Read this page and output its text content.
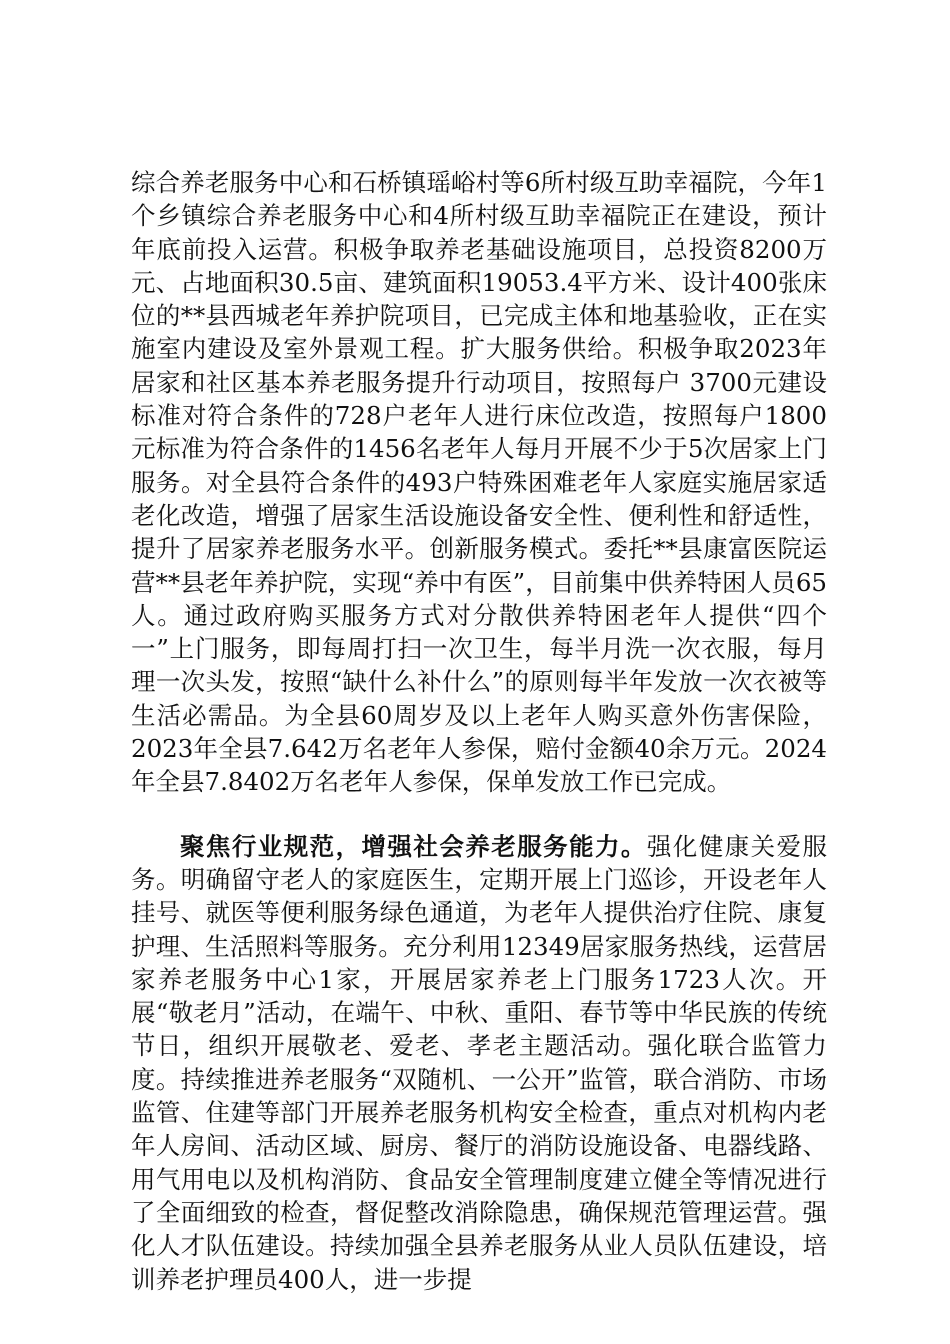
综合养老服务中心和石桥镇瑶峪村等6所村级互助幸福院，今年1个乡镇综合养老服务中心和4所村级互助幸福院正在建设，预计年底前投入运营。积极争取养老基础设施项目，总投资8200万元、占地面积30.5亩、建筑面积19053.4平方米、设计400张床位的**县西城老年养护院项目，已完成主体和地基验收，正在实施室内建设及室外景观工程。扩大服务供给。积极争取2023年居家和社区基本养老服务提升行动项目，按照每户 3700元建设标准对符合条件的728户老年人进行床位改造，按照每户1800元标准为符合条件的1456名老年人每月开展不少于5次居家上门服务。对全县符合条件的493户特殊困难老年人家庭实施居家适老化改造，增强了居家生活设施设备安全性、便利性和舒适性，提升了居家养老服务水平。创新服务模式。委托**县康富医院运营**县老年养护院，实现“养中有医”，目前集中供养特困人员65人。通过政府购买服务方式对分散供养特困老年人提供“四个一”上门服务，即每周打扫一次卫生，每半月洗一次衣服，每月理一次头发，按照“缺什么补什么”的原则每半年发放一次衣被等生活必需品。为全县60周岁及以上老年人购买意外伤害保险，2023年全县7.642万名老年人参保，赔付金额40余万元。2024年全县7.8402万名老年人参保，保单发放工作已完成。

聚焦行业规范，增强社会养老服务能力。强化健康关爱服务。明确留守老人的家庭医生，定期开展上门巡诊，开设老年人挂号、就医等便利服务绿色通道，为老年人提供治疗住院、康复护理、生活照料等服务。充分利用12349居家服务热线，运营居家养老服务中心1家，开展居家养老上门服务1723人次。开展“敬老月”活动，在端午、中秋、重阳、春节等中华民族的传统节日，组织开展敬老、爱老、孝老主题活动。强化联合监管力度。持续推进养老服务“双随机、一公开”监管，联合消防、市场监管、住建等部门开展养老服务机构安全检查，重点对机构内老年人房间、活动区域、厨房、餐厅的消防设施设备、电器线路、用气用电以及机构消防、食品安全管理制度建立健全等情况进行了全面细致的检查，督促整改消除隐患，确保规范管理运营。强化人才队伍建设。持续加强全县养老服务从业人员队伍建设，培训养老护理员400人，进一步提
